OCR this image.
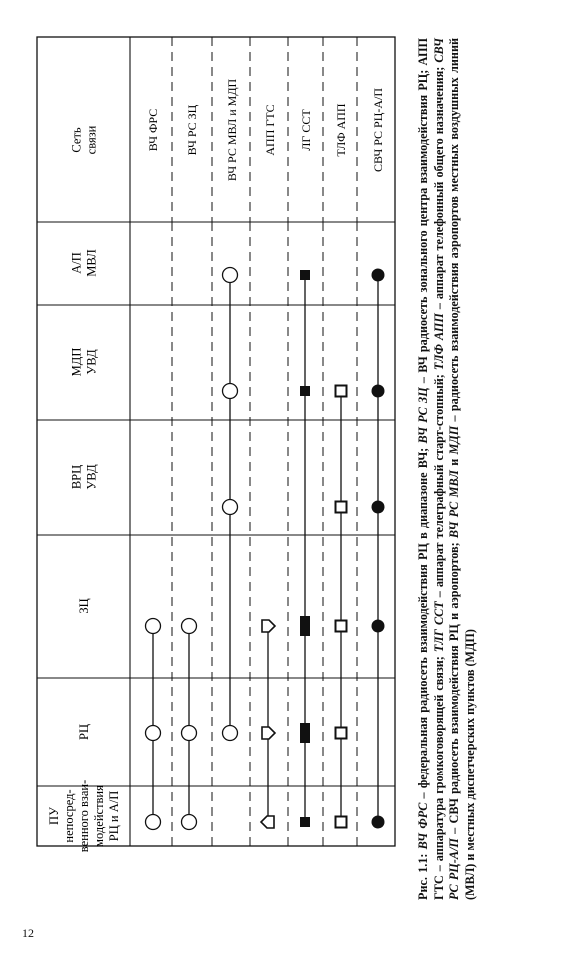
Сетьсвязи
А/ПМВЛ
МДПУВД
ВРЦУВД
ЗЦ
РЦ
ПУнепосред-венного взаи-модействияРЦ и А/П
ВЧ ФРС ВЧ РС ЗЦ ВЧ РС МВЛ и МДП АПП ГТС ЛГ ССТ ТЛФ АПП СВЧ РС РЦ-А/П

Рис. 1.1: ВЧ ФРС – федеральная радиосеть взаимодействия РЦ в диапазоне ВЧ; ВЧ РС ЗЦ – ВЧ радиосеть зонального центра взаимодействия РЦ; АПП ГТС – аппаратура громкоговорящей связи; ТЛГ ССТ – аппарат телеграфный старт-стопный; ТЛФ АПП – аппарат телефонный общего назначения; СВЧ РС РЦ-А/П – СВЧ радиосеть взаимодействия РЦ и аэропортов; ВЧ РС МВЛ и МДП – радиосеть взаимодействия аэропортов местных воздушных линий (МВЛ) и местных диспетчерских пунктов (МДП)

12
